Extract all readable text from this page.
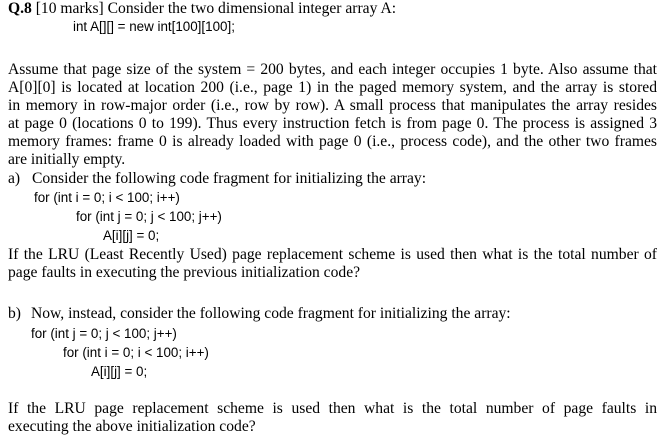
Q.8 [10 marks] Consider the two dimensional integer array A:
int A[][] = new int[100][100];
Assume that page size of the system = 200 bytes, and each integer occupies 1 byte. Also assume that
A[0][0] is located at location 200 (i.e., page 1) in the paged memory system, and the array is stored
in memory in row-major order (i.e., row by row). A small process that manipulates the array resides
at page 0 (locations 0 to 199). Thus every instruction fetch is from page 0. The process is assigned 3
memory frames: frame 0 is already loaded with page 0 (i.e., process code), and the other two frames
are initially empty.
a) Consider the following code fragment for initializing the array:
for (int i = 0; i < 100; i++)
for (int j = 0; j < 100; j++)
A[i][j] = 0;
If the LRU (Least Recently Used) page replacement scheme is used then what is the total number of
page faults in executing the previous initialization code?
b) Now, instead, consider the following code fragment for initializing the array:
for (int j = 0; j < 100; j++)
for (int i = 0; i < 100; i++)
A[i][j] = 0;
If the LRU page replacement scheme is used then what is the total number of page faults in
executing the above initialization code?
